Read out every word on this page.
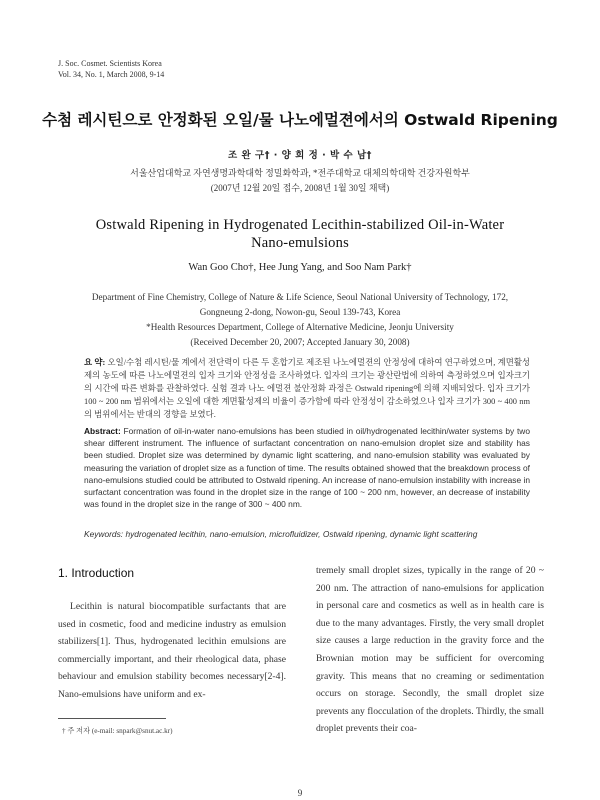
J. Soc. Cosmet. Scientists Korea
Vol. 34, No. 1, March 2008, 9-14
수첨 레시틴으로 안정화된 오일/물 나노에멀젼에서의 Ostwald Ripening
조 완 구† · 양 희 정 · 박 수 남†
서울산업대학교 자연생명과학대학 정밀화학과, *전주대학교 대체의학대학 건강자원학부
(2007년 12월 20일 접수, 2008년 1월 30일 채택)
Ostwald Ripening in Hydrogenated Lecithin-stabilized Oil-in-Water
Nano-emulsions
Wan Goo Cho†, Hee Jung Yang, and Soo Nam Park†
Department of Fine Chemistry, College of Nature & Life Science, Seoul National University of Technology, 172,
Gongneung 2-dong, Nowon-gu, Seoul 139-743, Korea
*Health Resources Department, College of Alternative Medicine, Jeonju University
(Received December 20, 2007; Accepted January 30, 2008)
요 약: 오일/수첨 레시틴/물 계에서 전단력이 다른 두 혼합기로 제조된 나노에멀젼의 안정성에 대하여 연구하였으며, 계면활성제의 농도에 따른 나노에멀젼의 입자 크기와 안정성을 조사하였다. 입자의 크기는 광산란법에 의하여 측정하였으며 입자크기의 시간에 따른 변화를 관찰하였다. 실험 결과 나노 에멀젼 불안정화 과정은 Ostwald ripening에 의해 지배되었다. 입자 크기가 100 ~ 200 nm 범위에서는 오일에 대한 계면활성제의 비율이 증가함에 따라 안정성이 감소하였으나 입자 크기가 300 ~ 400 nm의 범위에서는 반대의 경향을 보였다.
Abstract: Formation of oil-in-water nano-emulsions has been studied in oil/hydrogenated lecithin/water systems by two shear different instrument. The influence of surfactant concentration on nano-emulsion droplet size and stability has been studied. Droplet size was determined by dynamic light scattering, and nano-emulsion stability was evaluated by measuring the variation of droplet size as a function of time. The results obtained showed that the breakdown process of nano-emulsions studied could be attributed to Ostwald ripening. An increase of nano-emulsion instability with increase in surfactant concentration was found in the droplet size in the range of 100 ~ 200 nm, however, an decrease of instability was found in the droplet size in the range of 300 ~ 400 nm.
Keywords: hydrogenated lecithin, nano-emulsion, microfluidizer, Ostwald ripening, dynamic light scattering
1. Introduction
Lecithin is natural biocompatible surfactants that are used in cosmetic, food and medicine industry as emulsion stabilizers[1]. Thus, hydrogenated lecithin emulsions are commercially important, and their rheological data, phase behaviour and emulsion stability becomes necessary[2-4]. Nano-emulsions have uniform and ex-
tremely small droplet sizes, typically in the range of 20 ~ 200 nm. The attraction of nano-emulsions for application in personal care and cosmetics as well as in health care is due to the many advantages. Firstly, the very small droplet size causes a large reduction in the gravity force and the Brownian motion may be sufficient for overcoming gravity. This means that no creaming or sedimentation occurs on storage. Secondly, the small droplet size prevents any flocculation of the droplets. Thirdly, the small droplet prevents their coa-
† 주 저자 (e-mail: snpark@snut.ac.kr)
9
